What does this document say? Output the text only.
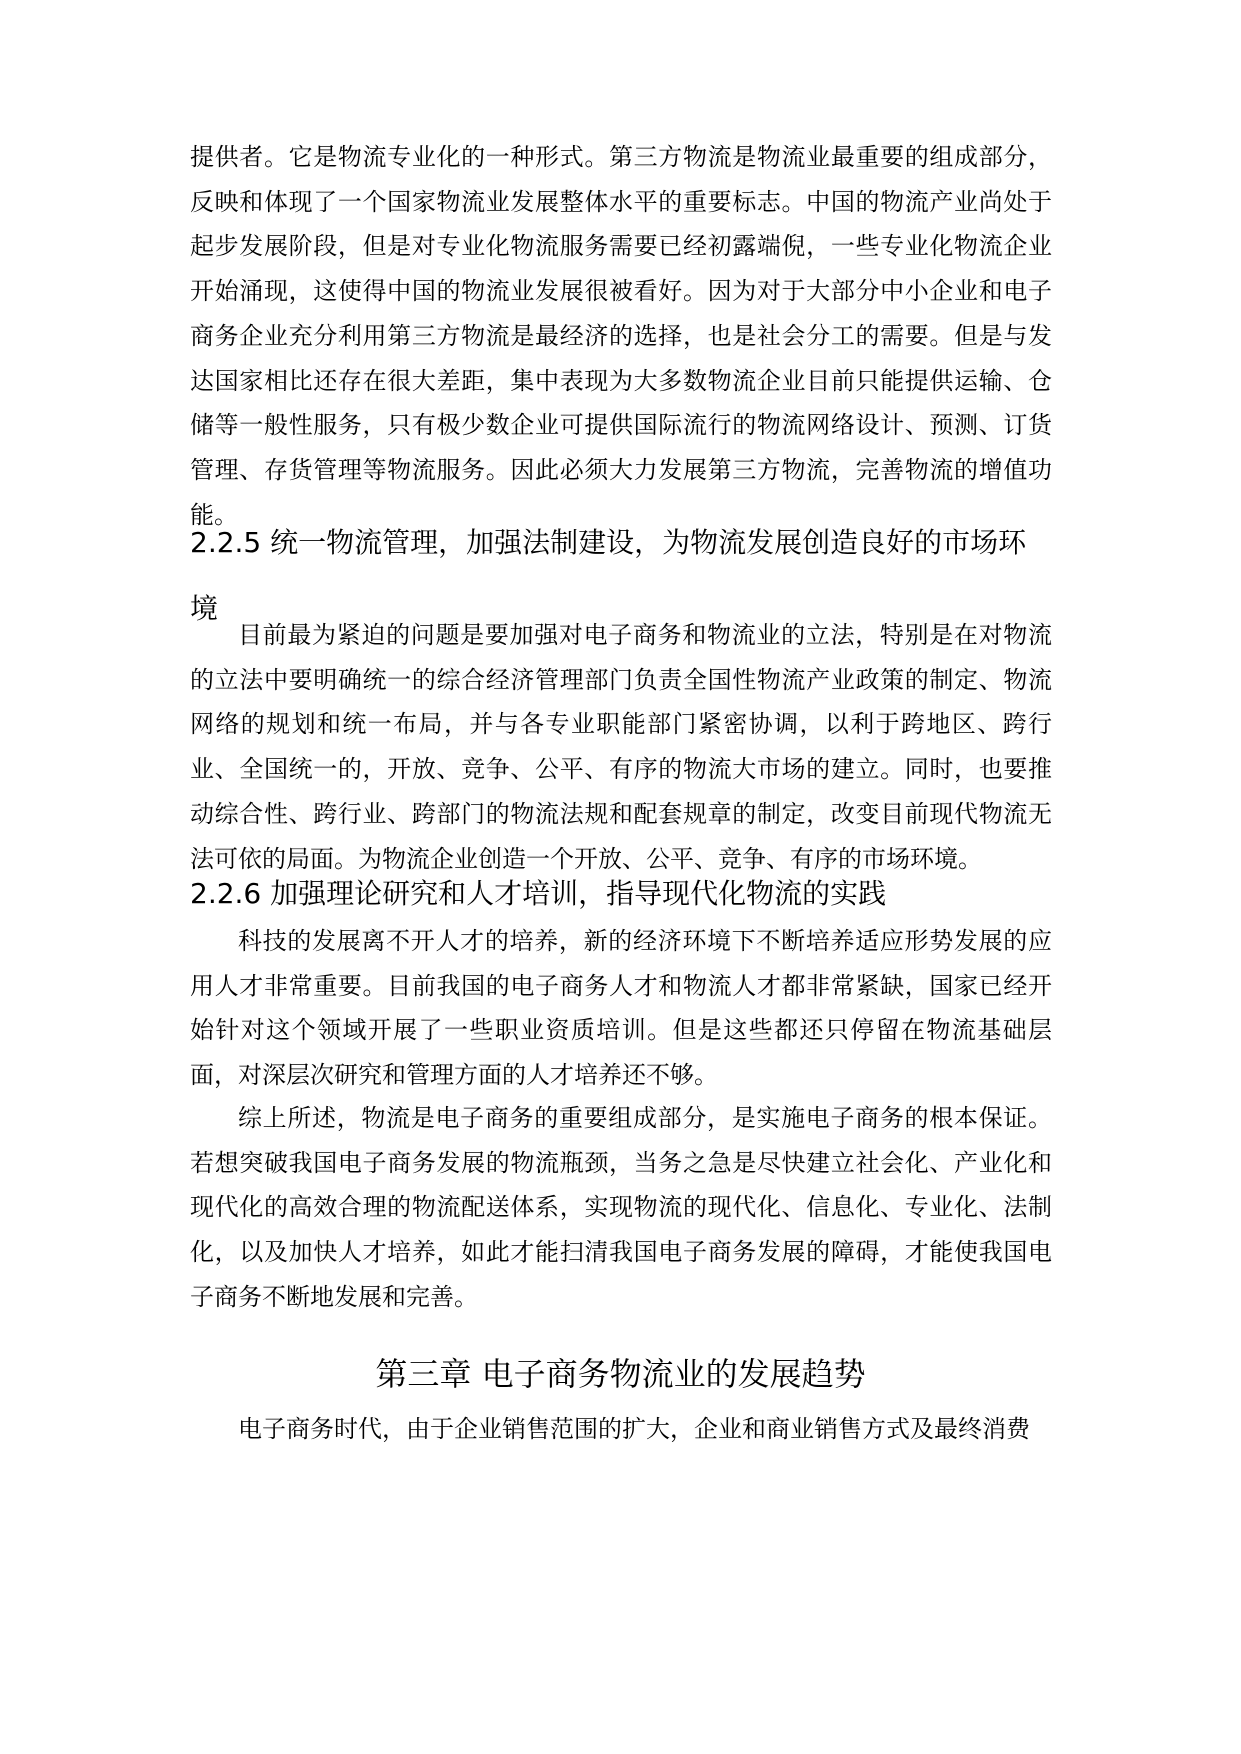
提供者。它是物流专业化的一种形式。第三方物流是物流业最重要的组成部分，反映和体现了一个国家物流业发展整体水平的重要标志。中国的物流产业尚处于起步发展阶段，但是对专业化物流服务需要已经初露端倪，一些专业化物流企业开始涌现，这使得中国的物流业发展很被看好。因为对于大部分中小企业和电子商务企业充分利用第三方物流是最经济的选择，也是社会分工的需要。但是与发达国家相比还存在很大差距，集中表现为大多数物流企业目前只能提供运输、仓储等一般性服务，只有极少数企业可提供国际流行的物流网络设计、预测、订货管理、存货管理等物流服务。因此必须大力发展第三方物流，完善物流的增值功能。

2.2.5 统一物流管理，加强法制建设，为物流发展创造良好的市场环境

目前最为紧迫的问题是要加强对电子商务和物流业的立法，特别是在对物流的立法中要明确统一的综合经济管理部门负责全国性物流产业政策的制定、物流网络的规划和统一布局，并与各专业职能部门紧密协调，以利于跨地区、跨行业、全国统一的，开放、竞争、公平、有序的物流大市场的建立。同时，也要推动综合性、跨行业、跨部门的物流法规和配套规章的制定，改变目前现代物流无法可依的局面。为物流企业创造一个开放、公平、竞争、有序的市场环境。

2.2.6 加强理论研究和人才培训，指导现代化物流的实践

科技的发展离不开人才的培养，新的经济环境下不断培养适应形势发展的应用人才非常重要。目前我国的电子商务人才和物流人才都非常紧缺，国家已经开始针对这个领域开展了一些职业资质培训。但是这些都还只停留在物流基础层面，对深层次研究和管理方面的人才培养还不够。

综上所述，物流是电子商务的重要组成部分，是实施电子商务的根本保证。若想突破我国电子商务发展的物流瓶颈，当务之急是尽快建立社会化、产业化和现代化的高效合理的物流配送体系，实现物流的现代化、信息化、专业化、法制化，以及加快人才培养，如此才能扫清我国电子商务发展的障碍，才能使我国电子商务不断地发展和完善。

第三章 电子商务物流业的发展趋势

电子商务时代，由于企业销售范围的扩大，企业和商业销售方式及最终消费
